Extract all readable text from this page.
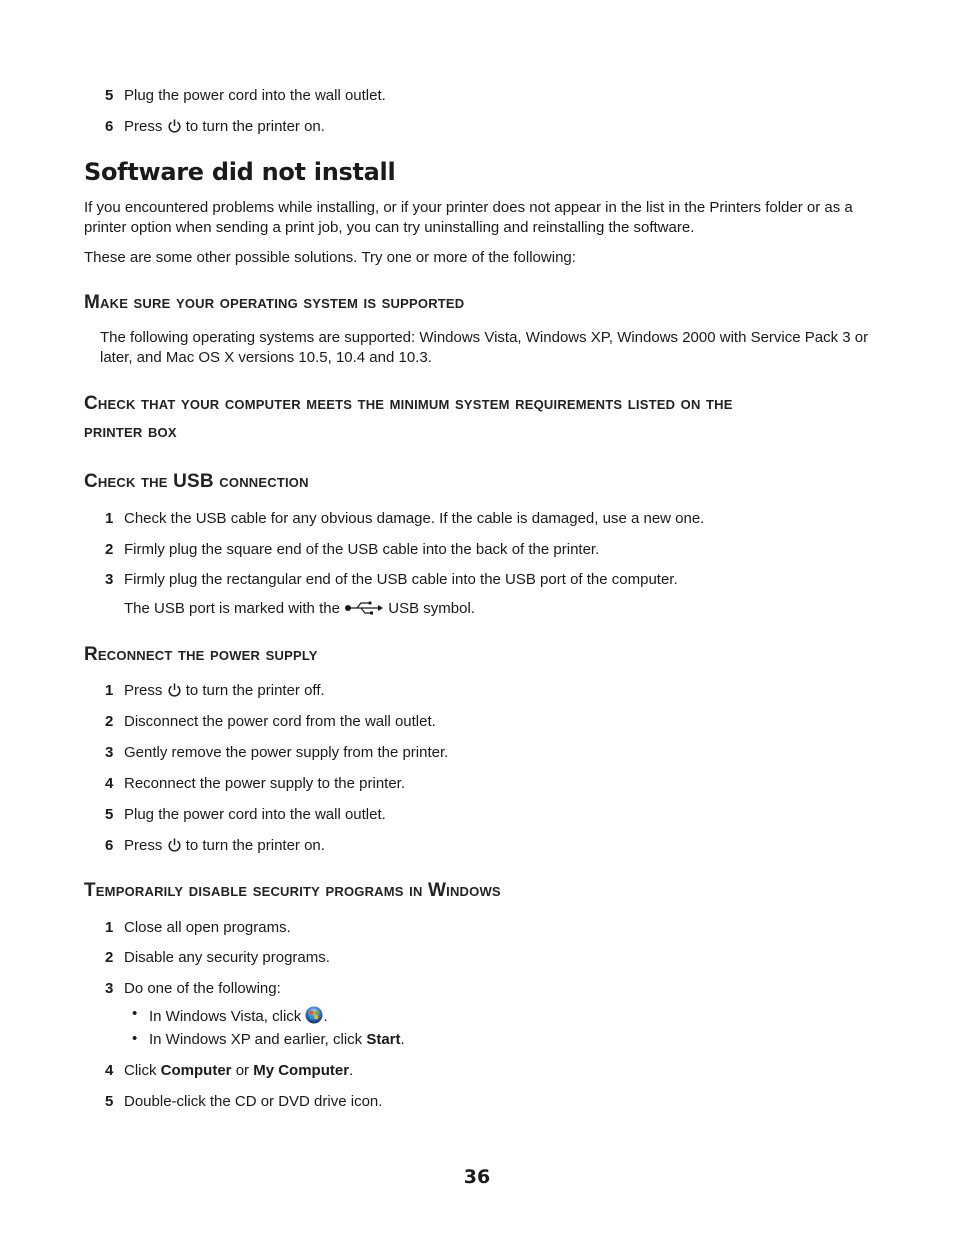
5 Plug the power cord into the wall outlet.
6 Press to turn the printer on.
Software did not install
If you encountered problems while installing, or if your printer does not appear in the list in the Printers folder or as a printer option when sending a print job, you can try uninstalling and reinstalling the software.
These are some other possible solutions. Try one or more of the following:
Make sure your operating system is supported
The following operating systems are supported: Windows Vista, Windows XP, Windows 2000 with Service Pack 3 or later, and Mac OS X versions 10.5, 10.4 and 10.3.
Check that your computer meets the minimum system requirements listed on the
printer box
Check the USB connection
1 Check the USB cable for any obvious damage. If the cable is damaged, use a new one.
2 Firmly plug the square end of the USB cable into the back of the printer.
3 Firmly plug the rectangular end of the USB cable into the USB port of the computer.
The USB port is marked with the	USB symbol.
Reconnect the power supply
1 Press to turn the printer off.
2 Disconnect the power cord from the wall outlet.
3 Gently remove the power supply from the printer.
4 Reconnect the power supply to the printer.
5 Plug the power cord into the wall outlet.
6 Press to turn the printer on.
Temporarily disable security programs in Windows
1 Close all open programs.
2 Disable any security programs.
3 Do one of the following:
• In Windows Vista, click .
• In Windows XP and earlier, click Start.
4 Click Computer or My Computer.
5 Double-click the CD or DVD drive icon.
36
